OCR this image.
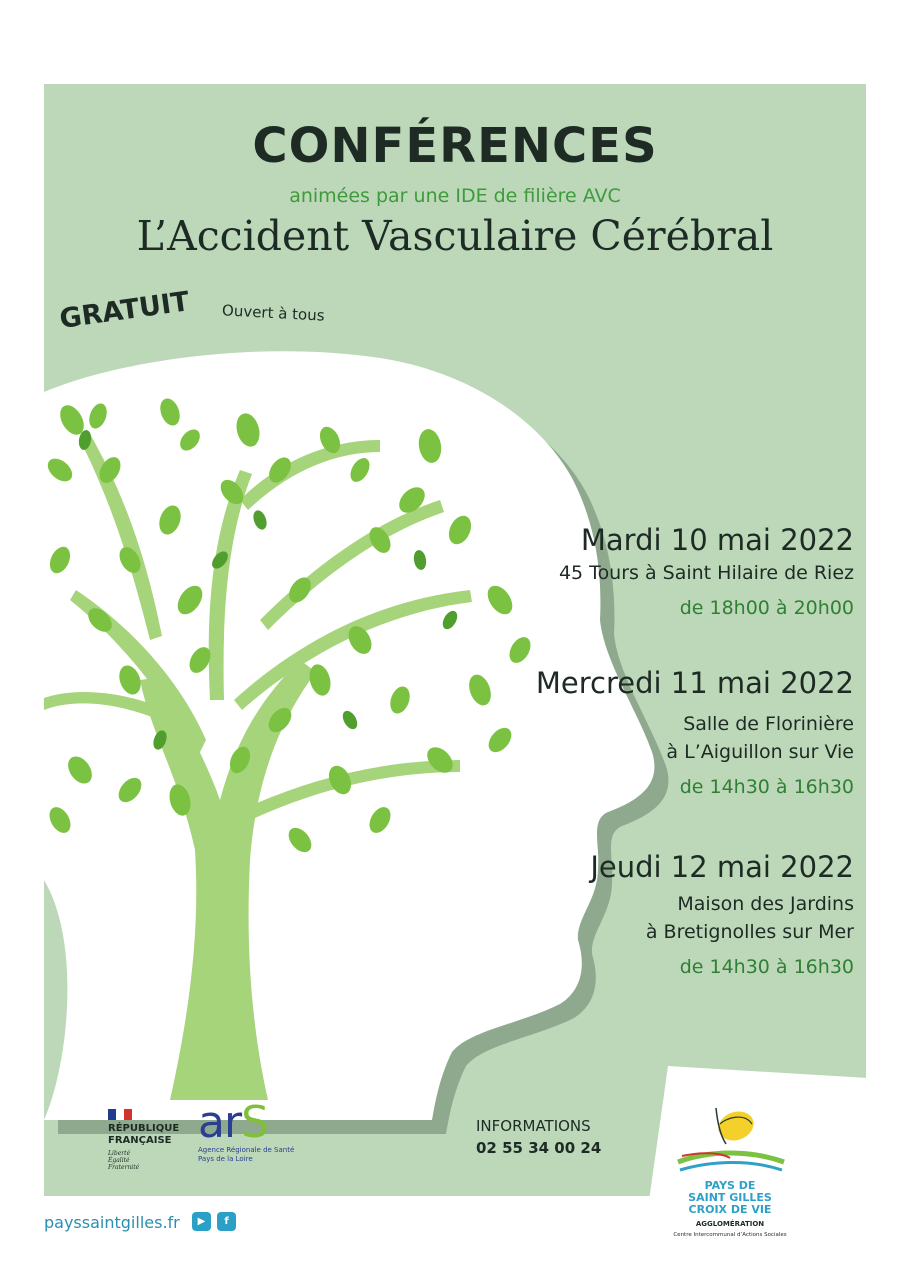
CONFÉRENCES
animées par une IDE de filière AVC
L’Accident Vasculaire Cérébral
GRATUIT Ouvert à tous
Mardi 10 mai 2022
45 Tours à Saint Hilaire de Riez
de 18h00 à 20h00
Mercredi 11 mai 2022
Salle de Florinière
à L’Aiguillon sur Vie
de 14h30 à 16h30
Jeudi 12 mai 2022
Maison des Jardins
à Bretignolles sur Mer
de 14h30 à 16h30
RÉPUBLIQUE
FRANÇAISE
Liberté
Égalité
Fraternité
arS
Agence Régionale de Santé
Pays de la Loire
INFORMATIONS
02 55 34 00 24
payssaintgilles.fr	▶	f
PAYS DE
SAINT GILLES
CROIX DE VIE
AGGLOMÉRATION
Centre Intercommunal d’Actions Sociales
